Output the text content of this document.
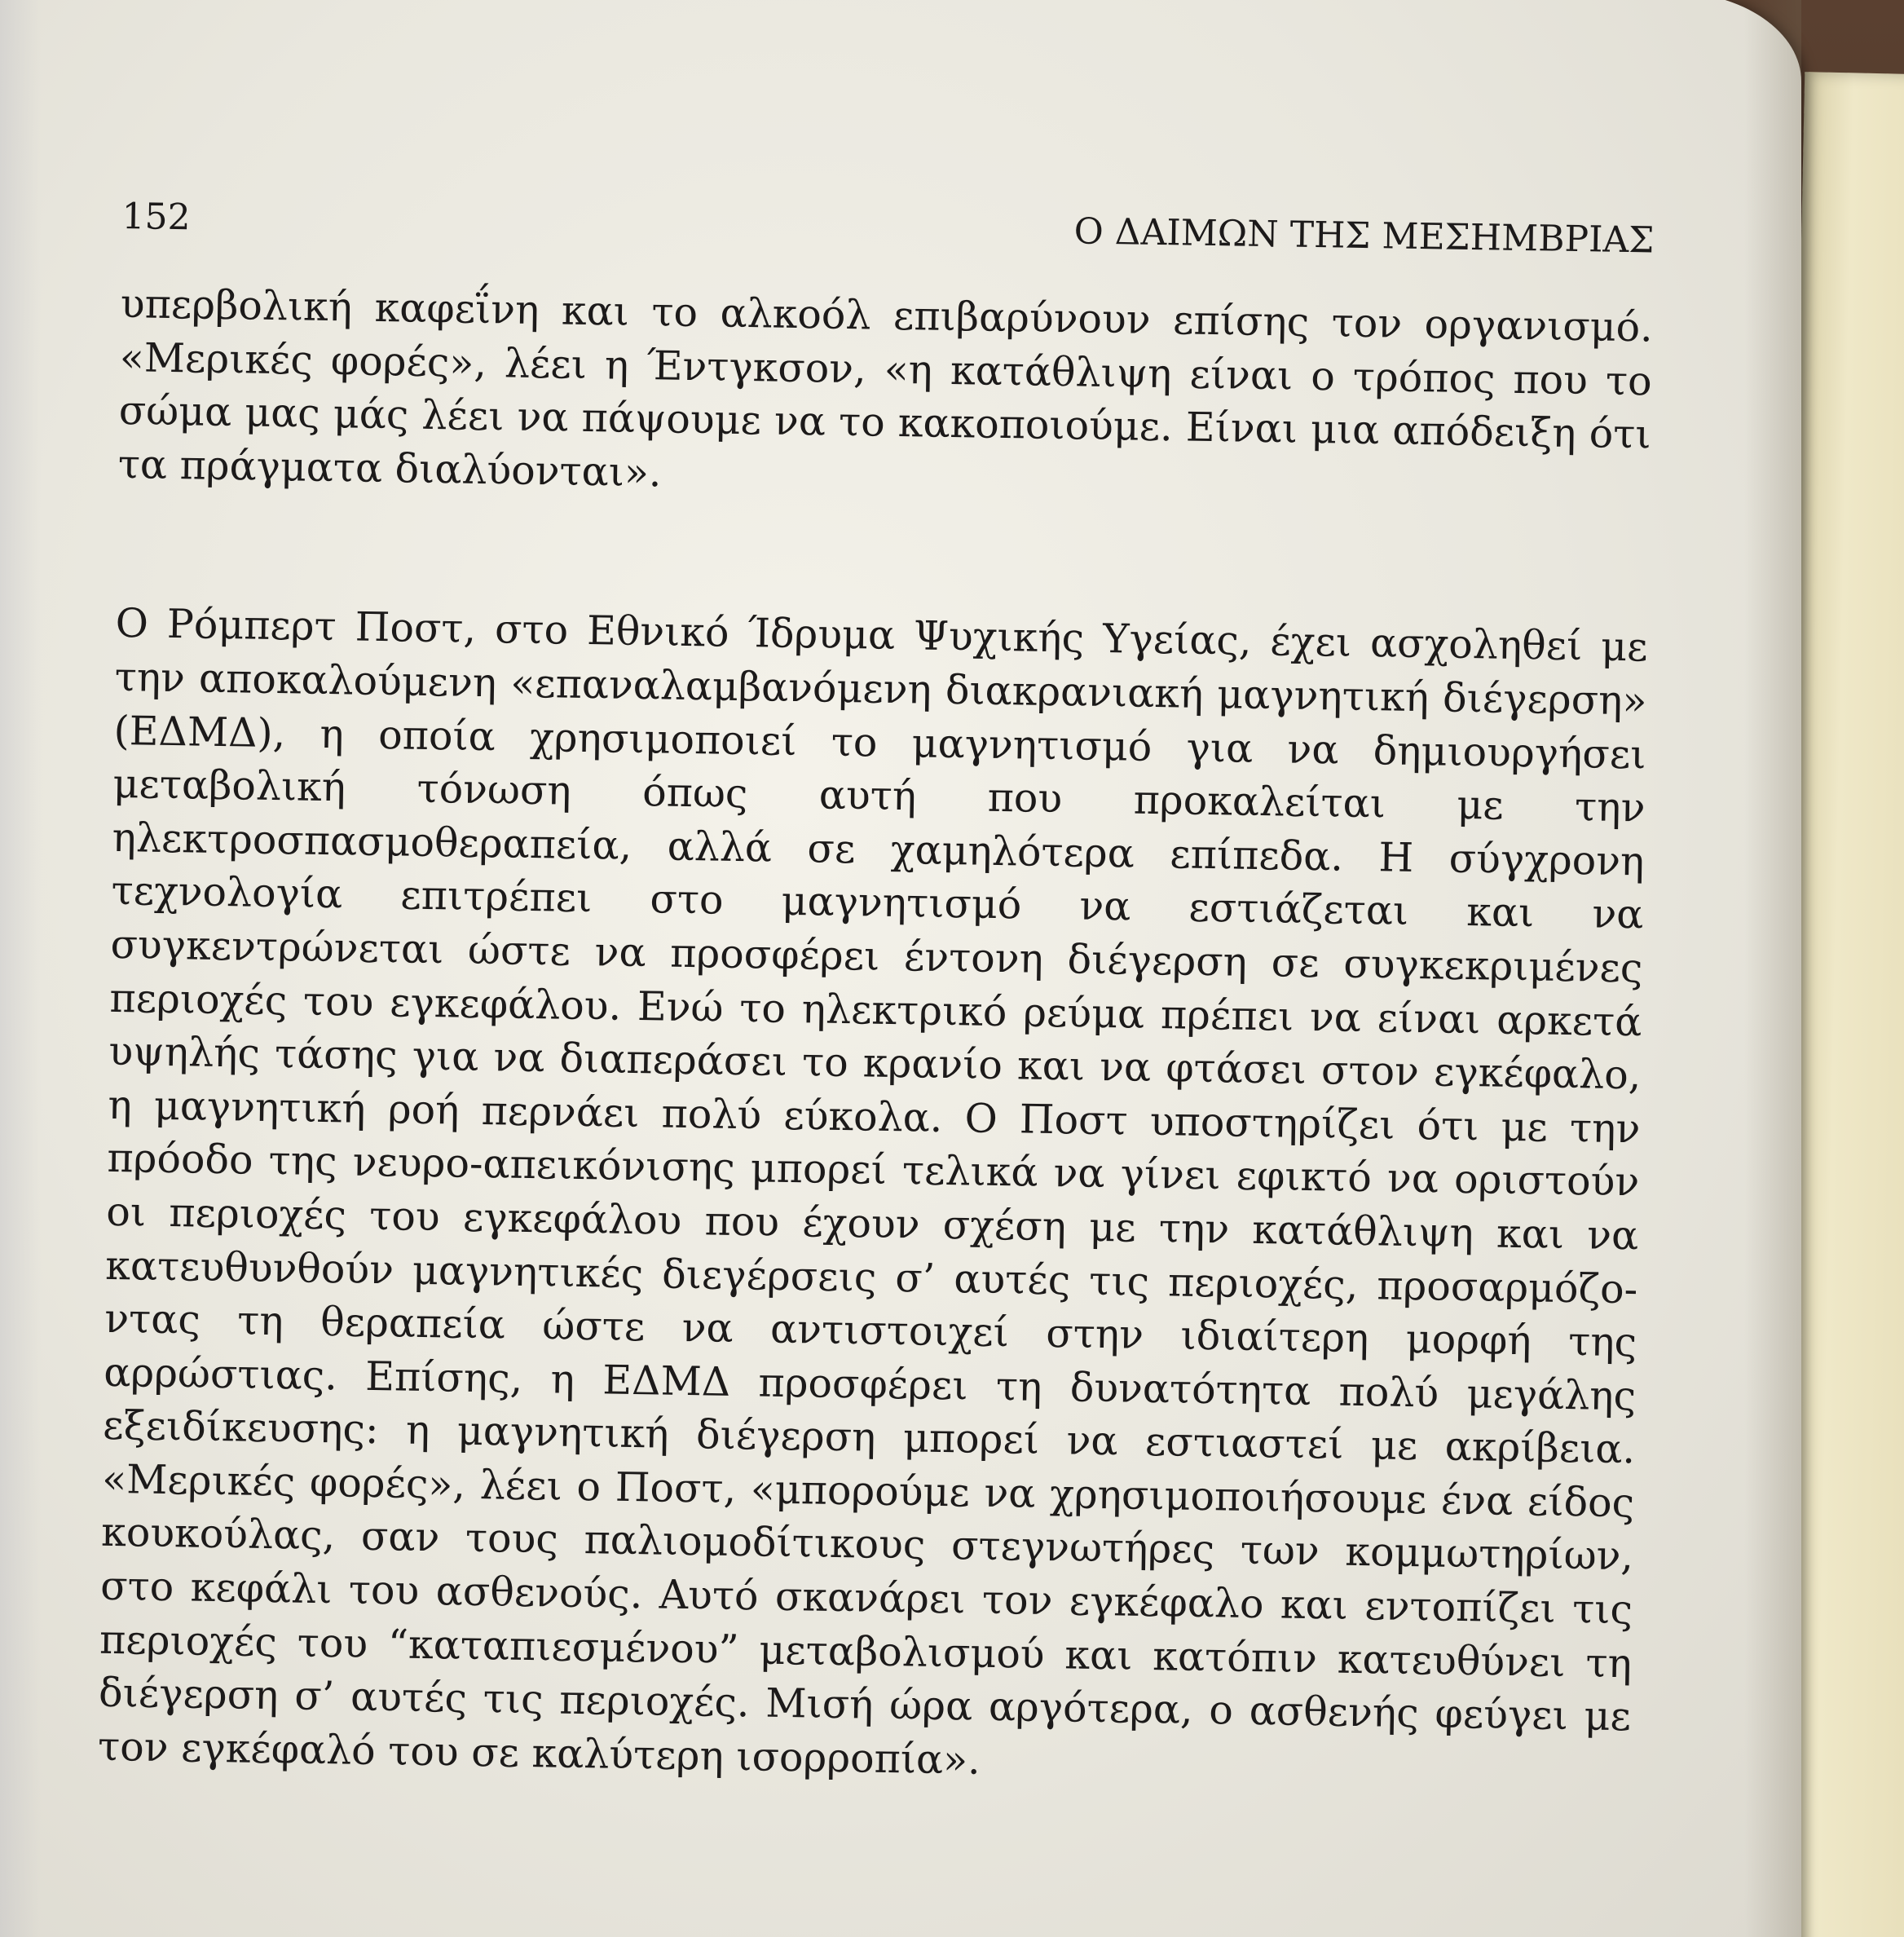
152	Ο ΔΑΙΜΩΝ ΤΗΣ ΜΕΣΗΜΒΡΙΑΣ

υπερβολική καφεΐνη και το αλκοόλ επιβαρύνουν επίσης τον οργανισμό. «Μερικές φορές», λέει η Έντγκσον, «η κατάθλιψη είναι ο τρόπος που το σώμα μας μάς λέει να πάψουμε να το κακοποιούμε. Είναι μια απόδειξη ότι τα πράγματα διαλύονται».

Ο Ρόμπερτ Ποστ, στο Εθνικό Ίδρυμα Ψυχικής Υγείας, έχει ασχοληθεί με την αποκαλούμενη «επαναλαμβανόμενη διακρανιακή μαγνητική διέγερση» (ΕΔΜΔ), η οποία χρησιμοποιεί το μαγνητισμό για να δημιουργήσει μεταβολική τόνωση όπως αυτή που προκαλείται με την ηλεκτροσπασμοθεραπεία, αλλά σε χαμηλότερα επίπεδα. Η σύγχρονη τεχνολογία επιτρέπει στο μαγνητισμό να εστιάζεται και να συγκεντρώνεται ώστε να προσφέρει έντονη διέγερση σε συγκεκριμένες περιοχές του εγκεφάλου. Ενώ το ηλεκτρικό ρεύμα πρέπει να είναι αρκετά υψηλής τάσης για να διαπεράσει το κρανίο και να φτάσει στον εγκέφαλο, η μαγνητική ροή περνάει πολύ εύκολα. Ο Ποστ υποστηρίζει ότι με την πρόοδο της νευρο-απεικόνισης μπορεί τελικά να γίνει εφικτό να οριστούν οι περιοχές του εγκεφάλου που έχουν σχέση με την κατάθλιψη και να κατευθυνθούν μαγνητικές διεγέρσεις σ’ αυτές τις περιοχές, προσαρμόζοντας τη θεραπεία ώστε να αντιστοιχεί στην ιδιαίτερη μορφή της αρρώστιας. Επίσης, η ΕΔΜΔ προσφέρει τη δυνατότητα πολύ μεγάλης εξειδίκευσης: η μαγνητική διέγερση μπορεί να εστιαστεί με ακρίβεια. «Μερικές φορές», λέει ο Ποστ, «μπορούμε να χρησιμοποιήσουμε ένα είδος κουκούλας, σαν τους παλιομοδίτικους στεγνωτήρες των κομμωτηρίων, στο κεφάλι του ασθενούς. Αυτό σκανάρει τον εγκέφαλο και εντοπίζει τις περιοχές του “καταπιεσμένου” μεταβολισμού και κατόπιν κατευθύνει τη διέγερση σ’ αυτές τις περιοχές. Μισή ώρα αργότερα, ο ασθενής φεύγει με τον εγκέφαλό του σε καλύτερη ισορροπία».
